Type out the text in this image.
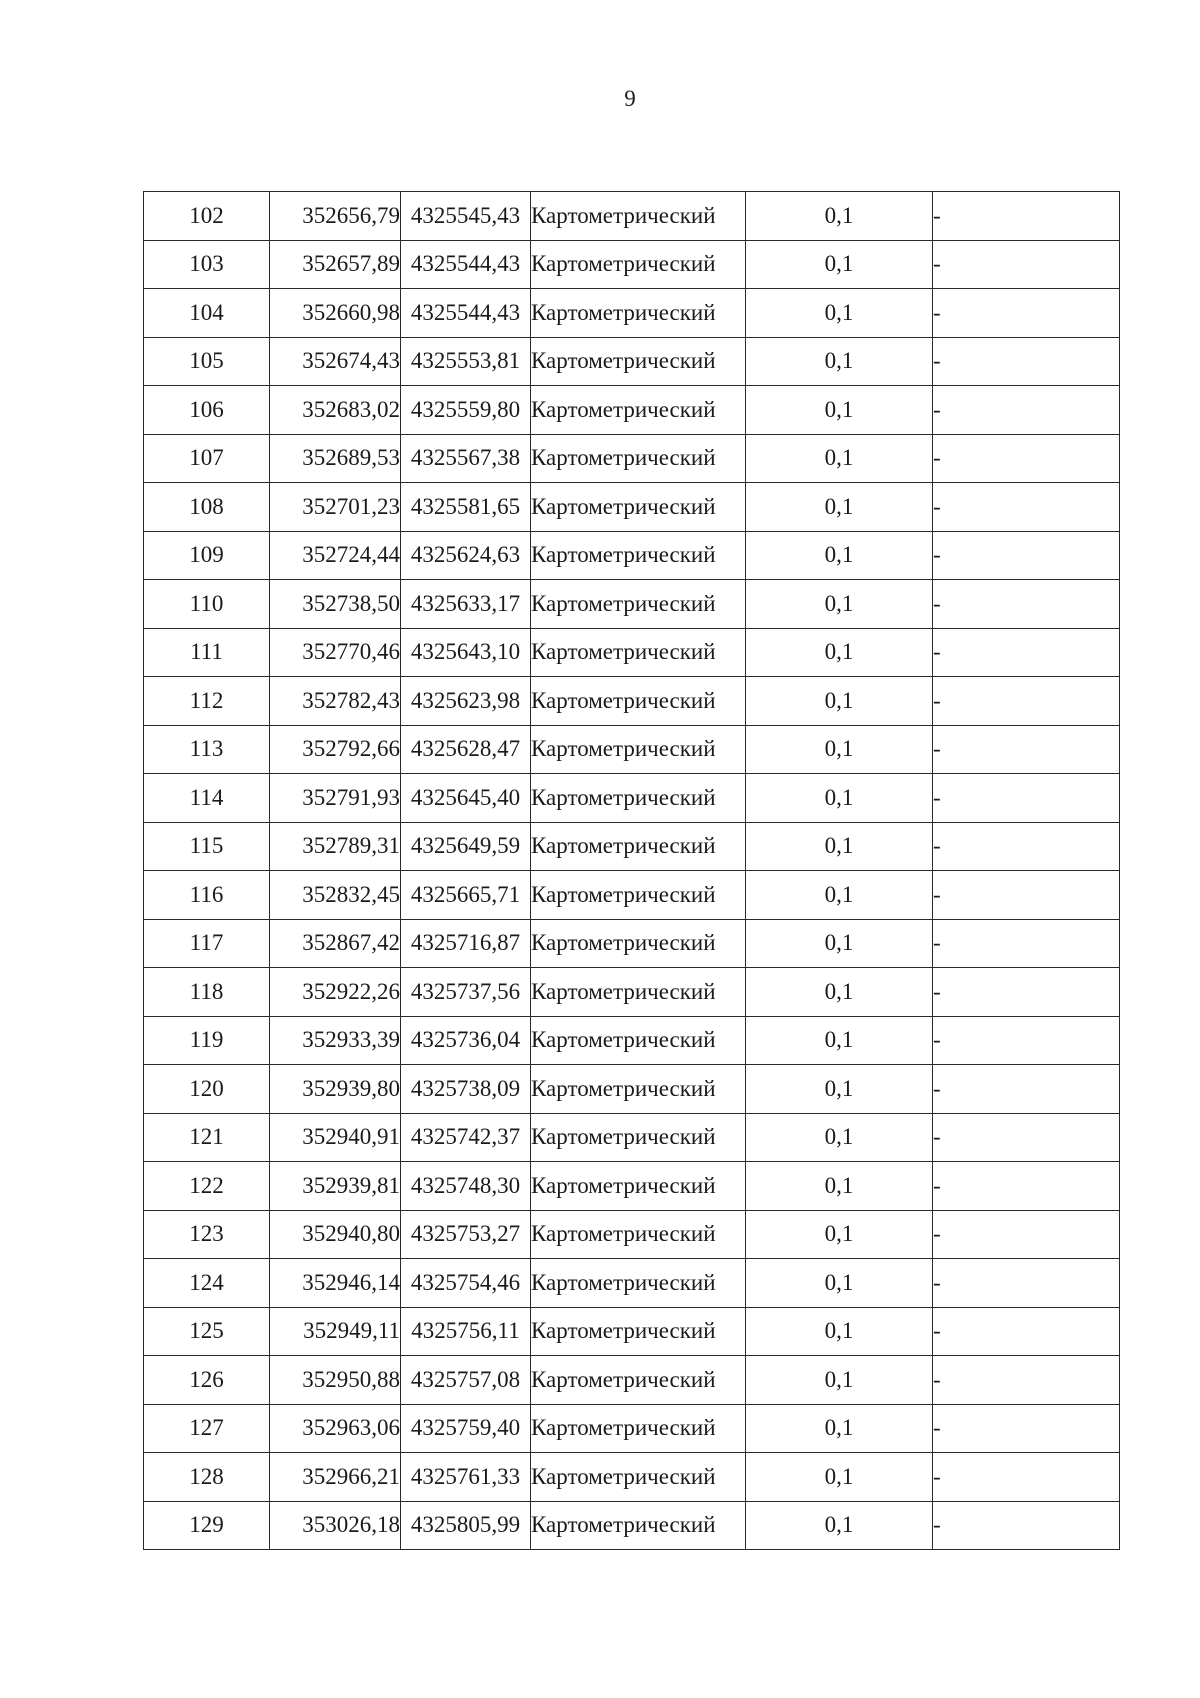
9
102	352656,79	4325545,43	Картометрический	0,1	-
103	352657,89	4325544,43	Картометрический	0,1	-
104	352660,98	4325544,43	Картометрический	0,1	-
105	352674,43	4325553,81	Картометрический	0,1	-
106	352683,02	4325559,80	Картометрический	0,1	-
107	352689,53	4325567,38	Картометрический	0,1	-
108	352701,23	4325581,65	Картометрический	0,1	-
109	352724,44	4325624,63	Картометрический	0,1	-
110	352738,50	4325633,17	Картометрический	0,1	-
111	352770,46	4325643,10	Картометрический	0,1	-
112	352782,43	4325623,98	Картометрический	0,1	-
113	352792,66	4325628,47	Картометрический	0,1	-
114	352791,93	4325645,40	Картометрический	0,1	-
115	352789,31	4325649,59	Картометрический	0,1	-
116	352832,45	4325665,71	Картометрический	0,1	-
117	352867,42	4325716,87	Картометрический	0,1	-
118	352922,26	4325737,56	Картометрический	0,1	-
119	352933,39	4325736,04	Картометрический	0,1	-
120	352939,80	4325738,09	Картометрический	0,1	-
121	352940,91	4325742,37	Картометрический	0,1	-
122	352939,81	4325748,30	Картометрический	0,1	-
123	352940,80	4325753,27	Картометрический	0,1	-
124	352946,14	4325754,46	Картометрический	0,1	-
125	352949,11	4325756,11	Картометрический	0,1	-
126	352950,88	4325757,08	Картометрический	0,1	-
127	352963,06	4325759,40	Картометрический	0,1	-
128	352966,21	4325761,33	Картометрический	0,1	-
129	353026,18	4325805,99	Картометрический	0,1	-
